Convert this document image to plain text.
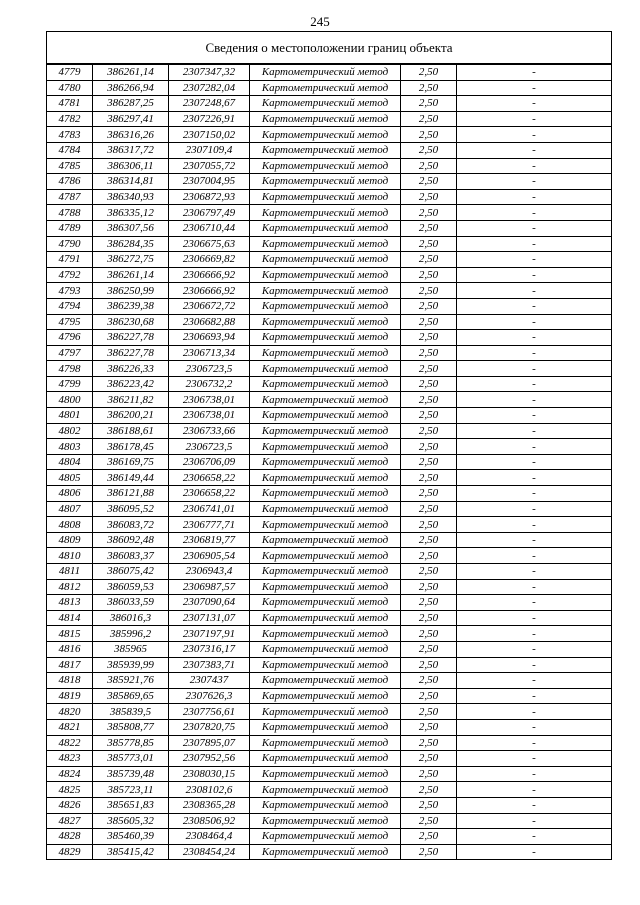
245
Сведения о местоположении границ объекта
4779	386261,14	2307347,32	Картометрический метод	2,50	-
4780	386266,94	2307282,04	Картометрический метод	2,50	-
4781	386287,25	2307248,67	Картометрический метод	2,50	-
4782	386297,41	2307226,91	Картометрический метод	2,50	-
4783	386316,26	2307150,02	Картометрический метод	2,50	-
4784	386317,72	2307109,4	Картометрический метод	2,50	-
4785	386306,11	2307055,72	Картометрический метод	2,50	-
4786	386314,81	2307004,95	Картометрический метод	2,50	-
4787	386340,93	2306872,93	Картометрический метод	2,50	-
4788	386335,12	2306797,49	Картометрический метод	2,50	-
4789	386307,56	2306710,44	Картометрический метод	2,50	-
4790	386284,35	2306675,63	Картометрический метод	2,50	-
4791	386272,75	2306669,82	Картометрический метод	2,50	-
4792	386261,14	2306666,92	Картометрический метод	2,50	-
4793	386250,99	2306666,92	Картометрический метод	2,50	-
4794	386239,38	2306672,72	Картометрический метод	2,50	-
4795	386230,68	2306682,88	Картометрический метод	2,50	-
4796	386227,78	2306693,94	Картометрический метод	2,50	-
4797	386227,78	2306713,34	Картометрический метод	2,50	-
4798	386226,33	2306723,5	Картометрический метод	2,50	-
4799	386223,42	2306732,2	Картометрический метод	2,50	-
4800	386211,82	2306738,01	Картометрический метод	2,50	-
4801	386200,21	2306738,01	Картометрический метод	2,50	-
4802	386188,61	2306733,66	Картометрический метод	2,50	-
4803	386178,45	2306723,5	Картометрический метод	2,50	-
4804	386169,75	2306706,09	Картометрический метод	2,50	-
4805	386149,44	2306658,22	Картометрический метод	2,50	-
4806	386121,88	2306658,22	Картометрический метод	2,50	-
4807	386095,52	2306741,01	Картометрический метод	2,50	-
4808	386083,72	2306777,71	Картометрический метод	2,50	-
4809	386092,48	2306819,77	Картометрический метод	2,50	-
4810	386083,37	2306905,54	Картометрический метод	2,50	-
4811	386075,42	2306943,4	Картометрический метод	2,50	-
4812	386059,53	2306987,57	Картометрический метод	2,50	-
4813	386033,59	2307090,64	Картометрический метод	2,50	-
4814	386016,3	2307131,07	Картометрический метод	2,50	-
4815	385996,2	2307197,91	Картометрический метод	2,50	-
4816	385965	2307316,17	Картометрический метод	2,50	-
4817	385939,99	2307383,71	Картометрический метод	2,50	-
4818	385921,76	2307437	Картометрический метод	2,50	-
4819	385869,65	2307626,3	Картометрический метод	2,50	-
4820	385839,5	2307756,61	Картометрический метод	2,50	-
4821	385808,77	2307820,75	Картометрический метод	2,50	-
4822	385778,85	2307895,07	Картометрический метод	2,50	-
4823	385773,01	2307952,56	Картометрический метод	2,50	-
4824	385739,48	2308030,15	Картометрический метод	2,50	-
4825	385723,11	2308102,6	Картометрический метод	2,50	-
4826	385651,83	2308365,28	Картометрический метод	2,50	-
4827	385605,32	2308506,92	Картометрический метод	2,50	-
4828	385460,39	2308464,4	Картометрический метод	2,50	-
4829	385415,42	2308454,24	Картометрический метод	2,50	-
